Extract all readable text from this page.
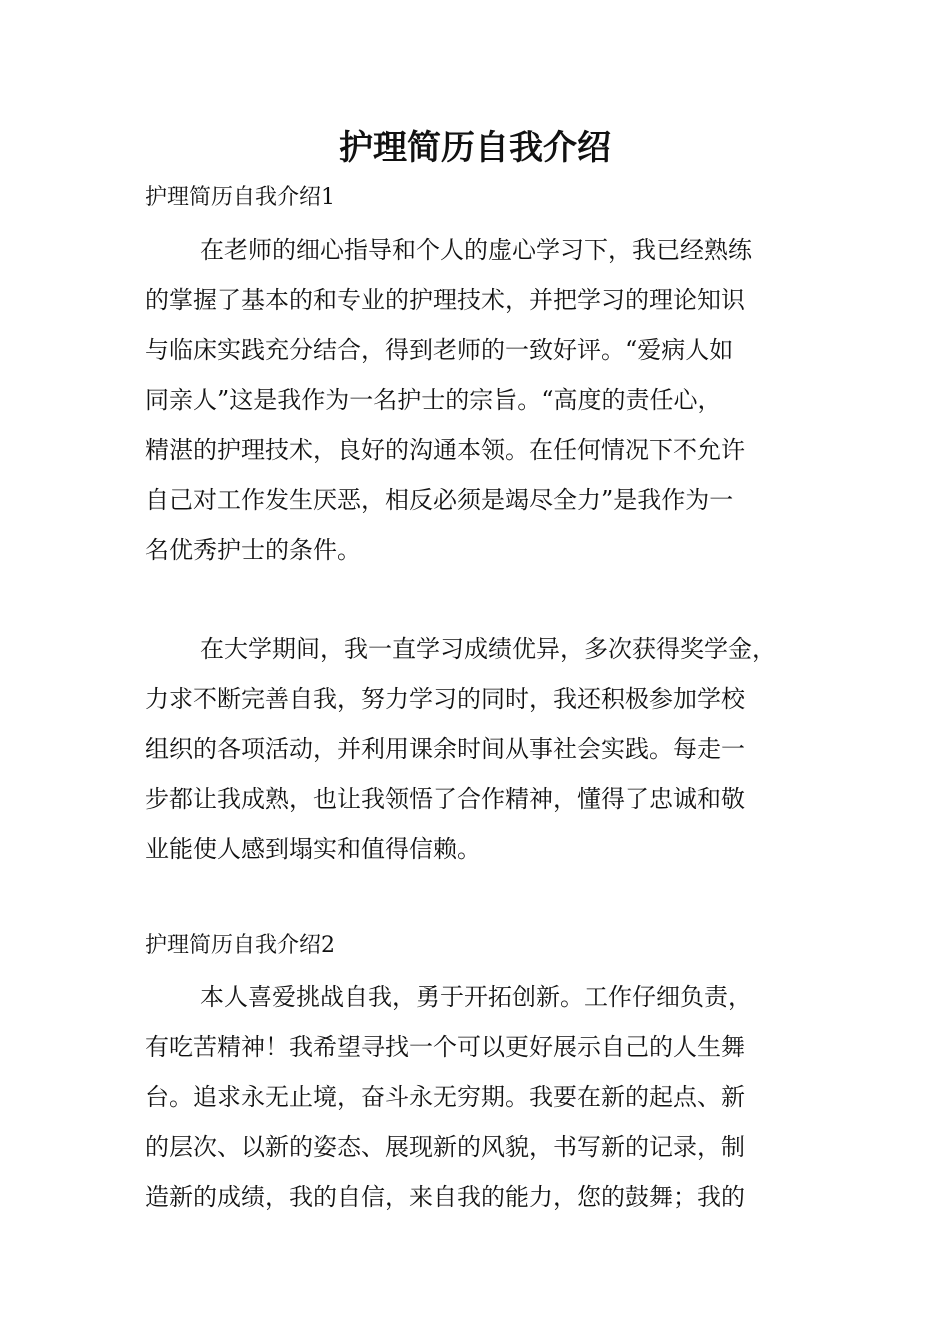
护理简历自我介绍
护理简历自我介绍1
在老师的细心指导和个人的虚心学习下，我已经熟练
的掌握了基本的和专业的护理技术，并把学习的理论知识
与临床实践充分结合，得到老师的一致好评。“爱病人如
同亲人”这是我作为一名护士的宗旨。“高度的责任心，
精湛的护理技术，良好的沟通本领。在任何情况下不允许
自己对工作发生厌恶，相反必须是竭尽全力”是我作为一
名优秀护士的条件。
在大学期间，我一直学习成绩优异，多次获得奖学金，
力求不断完善自我，努力学习的同时，我还积极参加学校
组织的各项活动，并利用课余时间从事社会实践。每走一
步都让我成熟，也让我领悟了合作精神，懂得了忠诚和敬
业能使人感到塌实和值得信赖。
护理简历自我介绍2
本人喜爱挑战自我，勇于开拓创新。工作仔细负责，
有吃苦精神！我希望寻找一个可以更好展示自己的人生舞
台。追求永无止境，奋斗永无穷期。我要在新的起点、新
的层次、以新的姿态、展现新的风貌，书写新的记录，制
造新的成绩，我的自信，来自我的能力，您的鼓舞；我的
